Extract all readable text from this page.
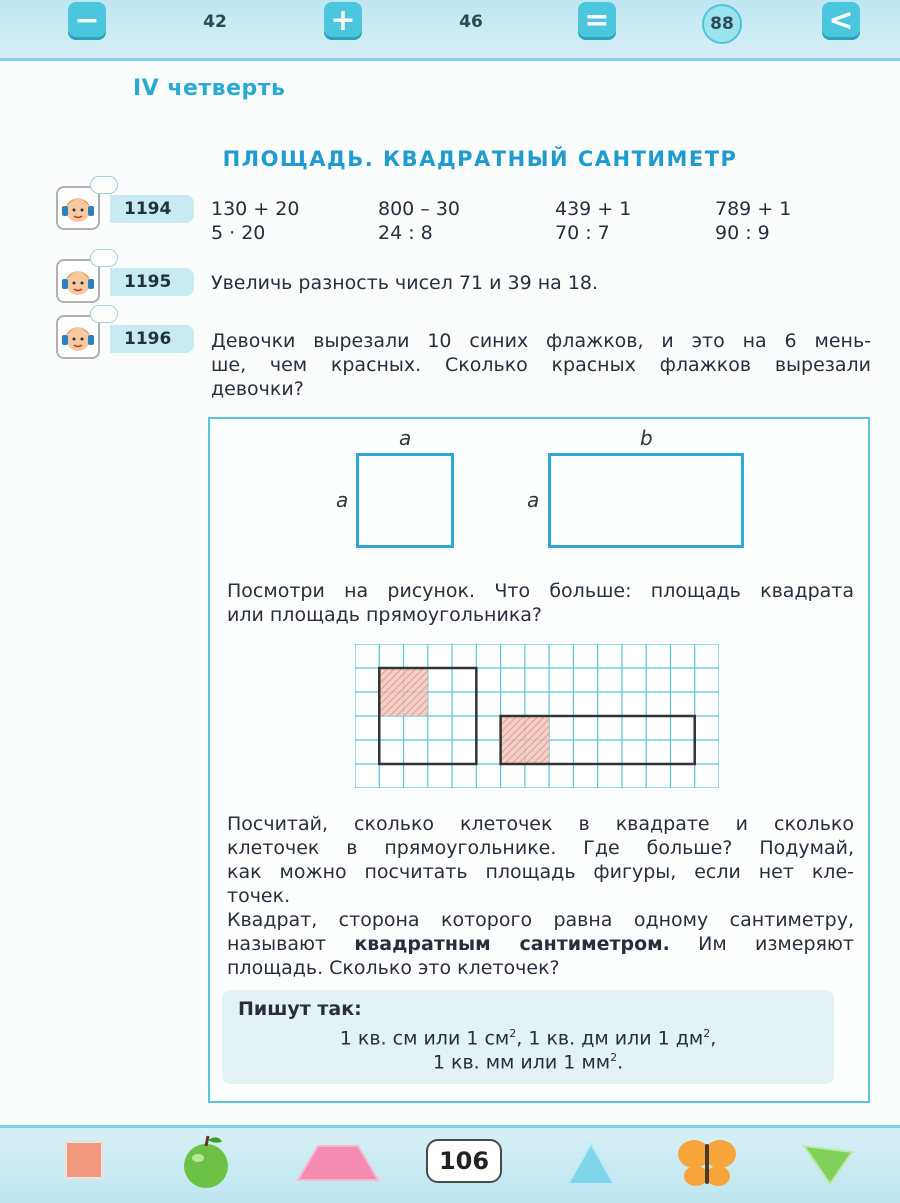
−	42	+	46	=	88	<
IV четверть
ПЛОЩАДЬ. КВАДРАТНЫЙ САНТИМЕТР
1194	130 + 20	800 – 30	439 + 1	789 + 1
5 · 20	24 : 8	70 : 7	90 : 9
1195	Увеличь разность чисел 71 и 39 на 18.
1196	Девочки вырезали 10 синих флажков, и это на 6 мень-
ше, чем красных. Сколько красных флажков вырезали
девочки?
a
a
b
a
Посмотри на рисунок. Что больше: площадь квадрата
или площадь прямоугольника?
Посчитай, сколько клеточек в квадрате и сколько
клеточек в прямоугольнике. Где больше? Подумай,
как можно посчитать площадь фигуры, если нет кле-
точек.
Квадрат, сторона которого равна одному сантиметру,
называют квадратным сантиметром. Им измеряют
площадь. Сколько это клеточек?
Пишут так:
1 кв. см или 1 $см^2$, 1 кв. дм или 1 $дм^2$,
1 кв. мм или 1 $мм^2$.
106
